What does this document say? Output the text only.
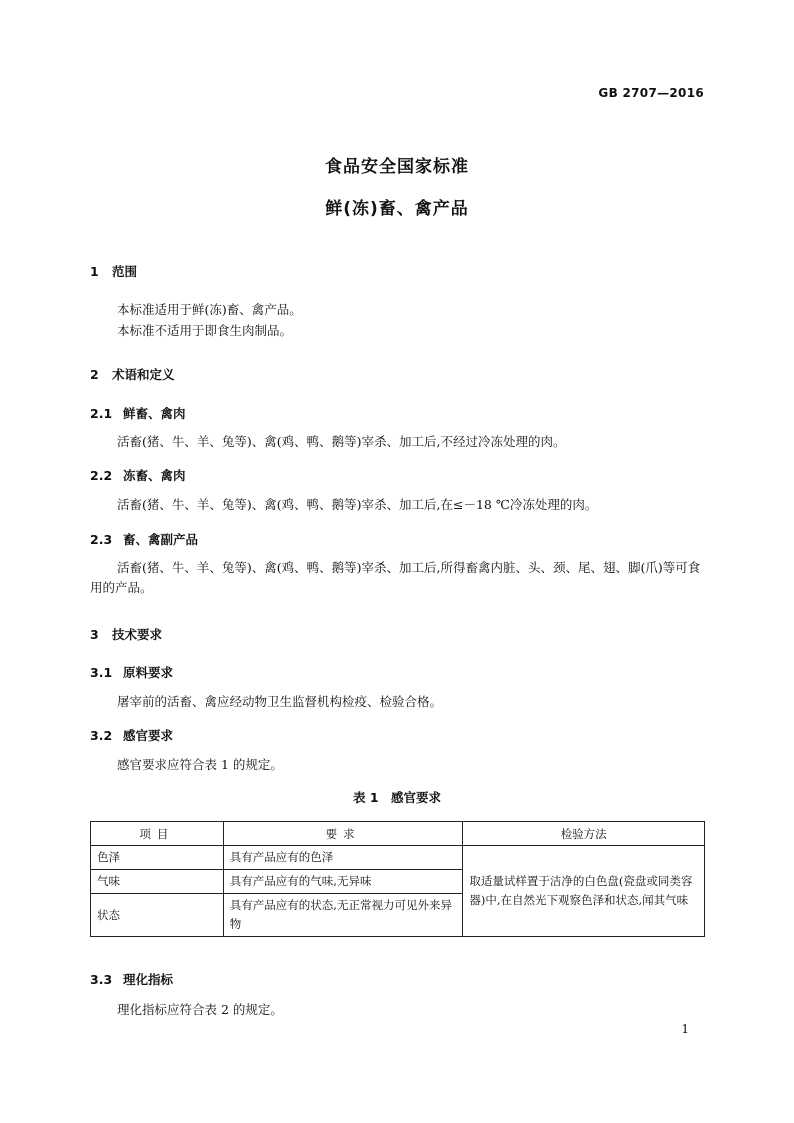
GB 2707—2016
食品安全国家标准
鲜(冻)畜、禽产品
1 范围
本标准适用于鲜(冻)畜、禽产品。
本标准不适用于即食生肉制品。
2 术语和定义
2.1 鲜畜、禽肉
活畜(猪、牛、羊、兔等)、禽(鸡、鸭、鹅等)宰杀、加工后,不经过冷冻处理的肉。
2.2 冻畜、禽肉
活畜(猪、牛、羊、兔等)、禽(鸡、鸭、鹅等)宰杀、加工后,在≤－18 ℃冷冻处理的肉。
2.3 畜、禽副产品
活畜(猪、牛、羊、兔等)、禽(鸡、鸭、鹅等)宰杀、加工后,所得畜禽内脏、头、颈、尾、翅、脚(爪)等可食用的产品。
3 技术要求
3.1 原料要求
屠宰前的活畜、禽应经动物卫生监督机构检疫、检验合格。
3.2 感官要求
感官要求应符合表 1 的规定。
表 1　感官要求
项目	要求	检验方法
色泽	具有产品应有的色泽	取适量试样置于洁净的白色盘(瓷盘或同类容器)中,在自然光下观察色泽和状态,闻其气味
气味	具有产品应有的气味,无异味	
状态	具有产品应有的状态,无正常视力可见外来异物	
3.3 理化指标
理化指标应符合表 2 的规定。
1
